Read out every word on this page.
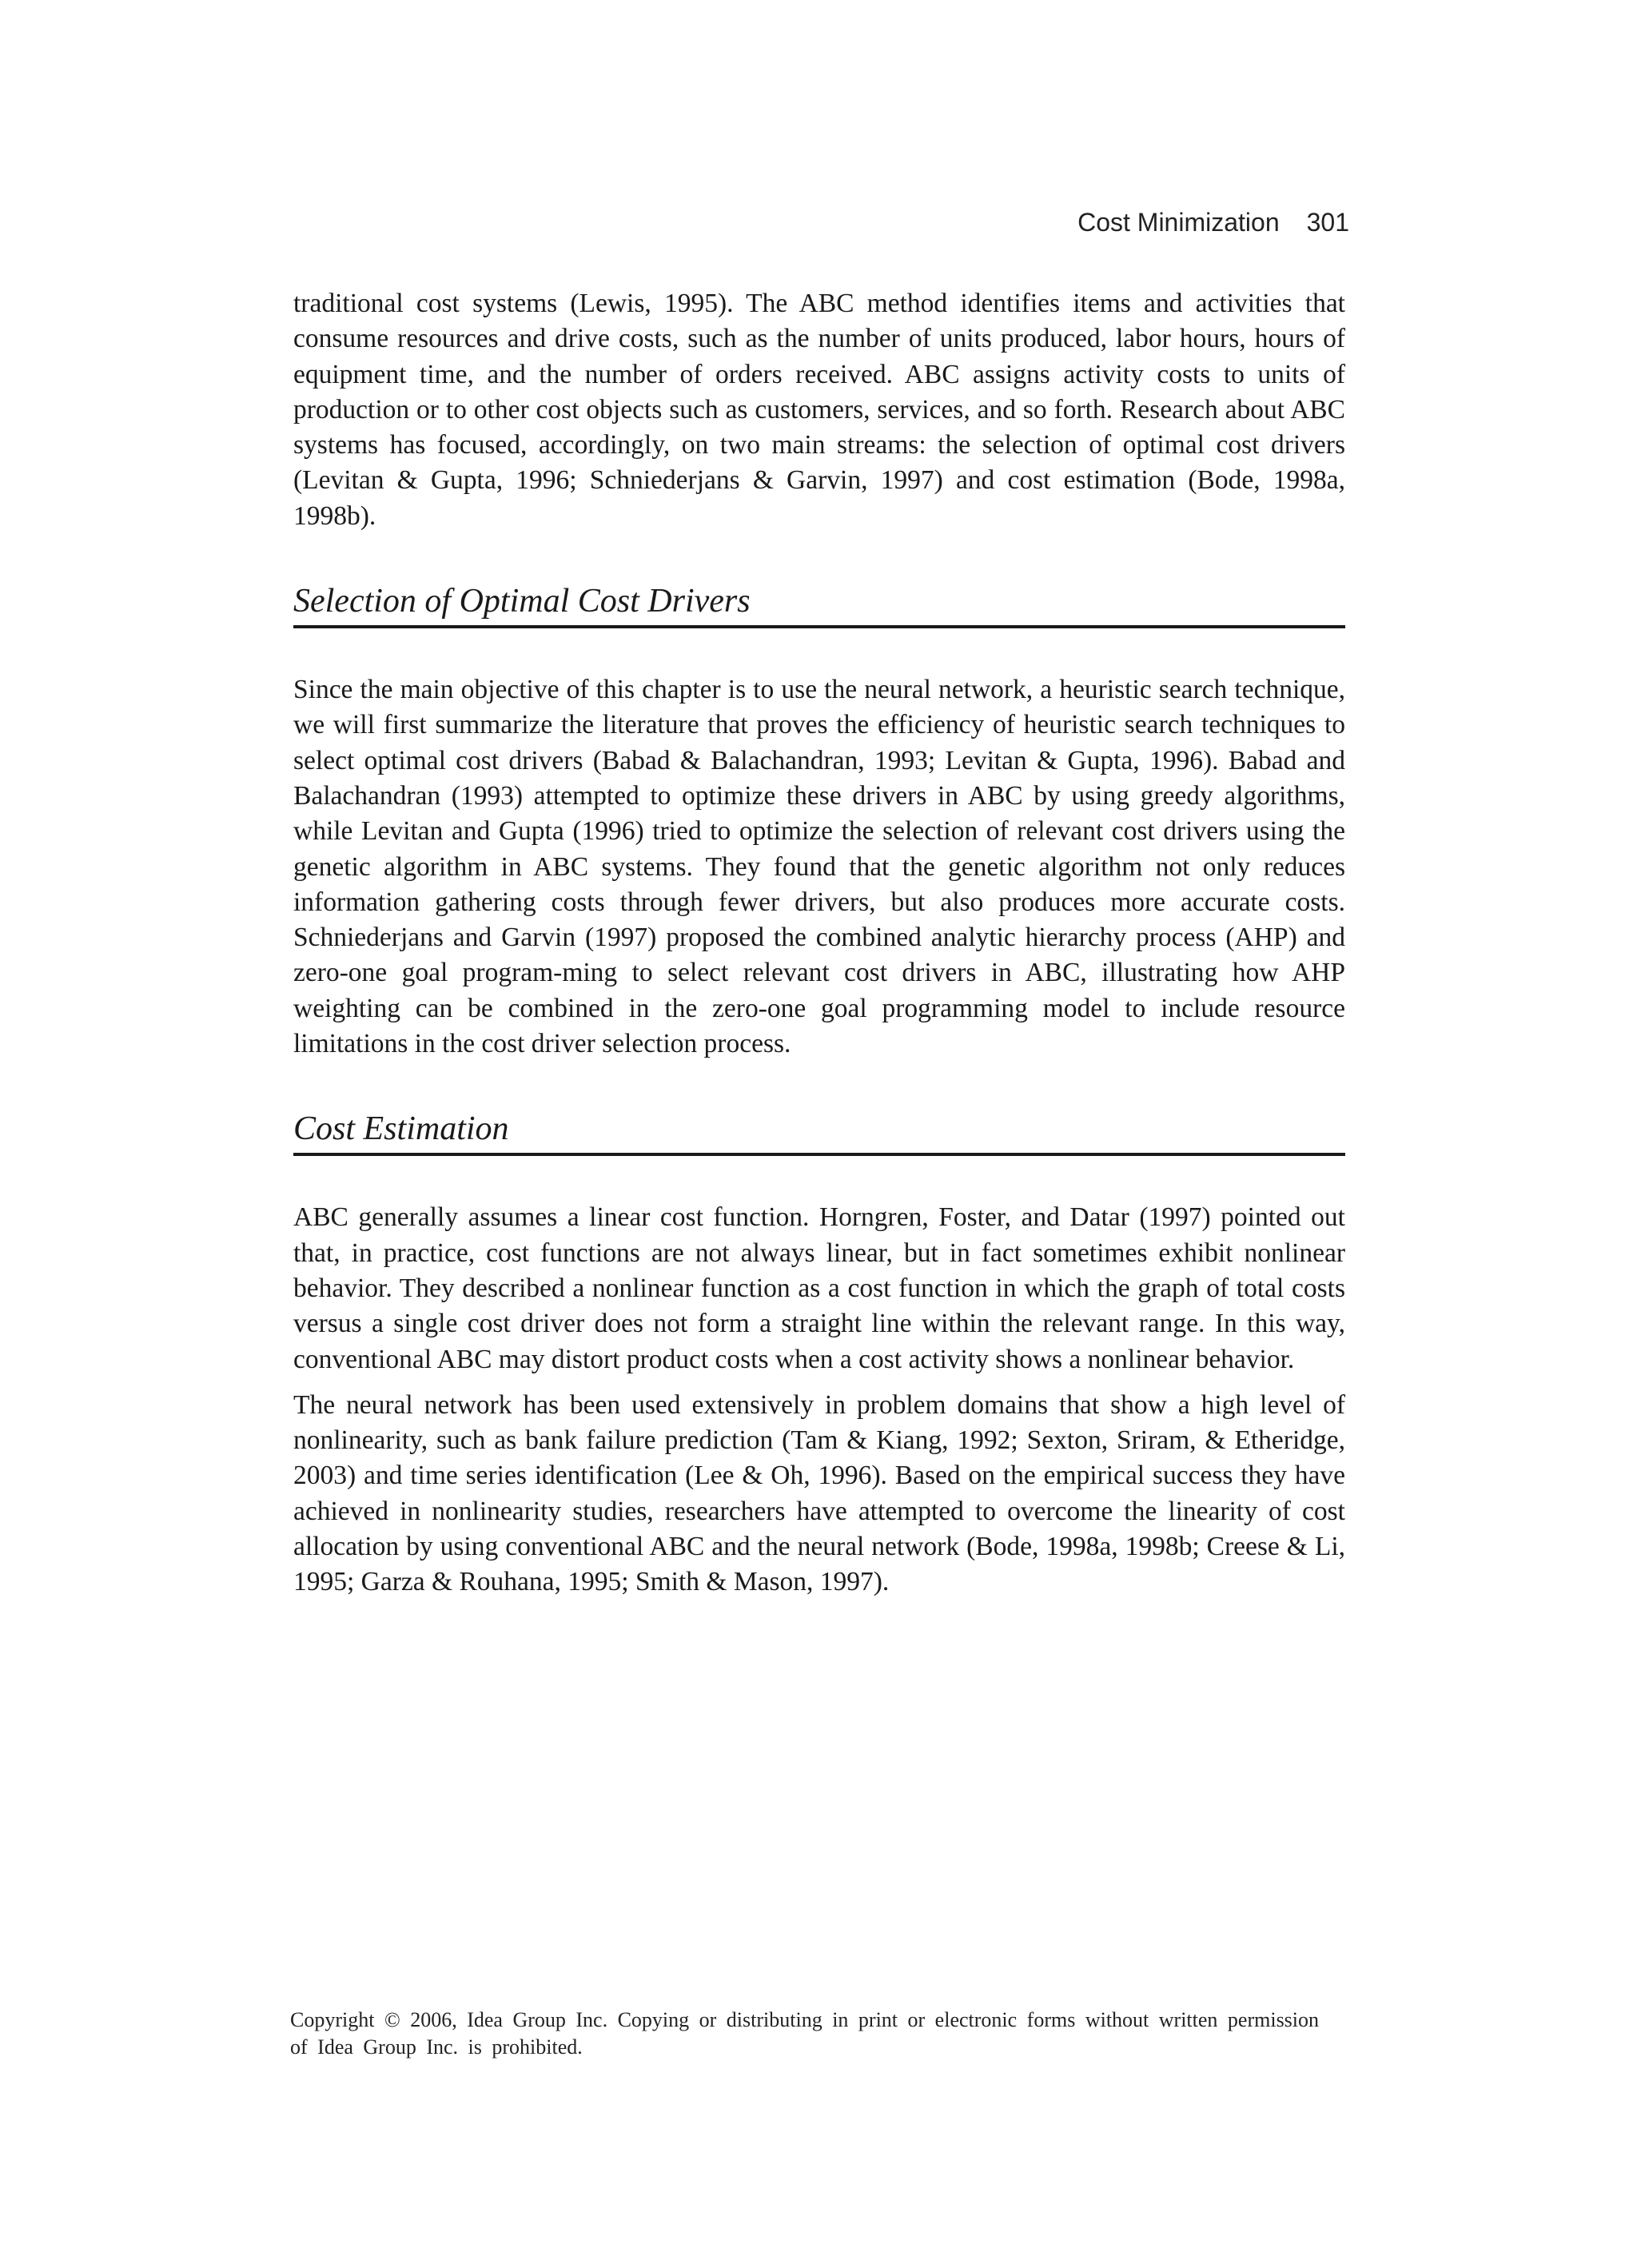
Cost Minimization 301

traditional cost systems (Lewis, 1995). The ABC method identifies items and activities that consume resources and drive costs, such as the number of units produced, labor hours, hours of equipment time, and the number of orders received. ABC assigns activity costs to units of production or to other cost objects such as customers, services, and so forth. Research about ABC systems has focused, accordingly, on two main streams: the selection of optimal cost drivers (Levitan & Gupta, 1996; Schniederjans & Garvin, 1997) and cost estimation (Bode, 1998a, 1998b).

Selection of Optimal Cost Drivers

Since the main objective of this chapter is to use the neural network, a heuristic search technique, we will first summarize the literature that proves the efficiency of heuristic search techniques to select optimal cost drivers (Babad & Balachandran, 1993; Levitan & Gupta, 1996). Babad and Balachandran (1993) attempted to optimize these drivers in ABC by using greedy algorithms, while Levitan and Gupta (1996) tried to optimize the selection of relevant cost drivers using the genetic algorithm in ABC systems. They found that the genetic algorithm not only reduces information gathering costs through fewer drivers, but also produces more accurate costs. Schniederjans and Garvin (1997) proposed the combined analytic hierarchy process (AHP) and zero-one goal program-ming to select relevant cost drivers in ABC, illustrating how AHP weighting can be combined in the zero-one goal programming model to include resource limitations in the cost driver selection process.

Cost Estimation

ABC generally assumes a linear cost function. Horngren, Foster, and Datar (1997) pointed out that, in practice, cost functions are not always linear, but in fact sometimes exhibit nonlinear behavior. They described a nonlinear function as a cost function in which the graph of total costs versus a single cost driver does not form a straight line within the relevant range. In this way, conventional ABC may distort product costs when a cost activity shows a nonlinear behavior.

The neural network has been used extensively in problem domains that show a high level of nonlinearity, such as bank failure prediction (Tam & Kiang, 1992; Sexton, Sriram, & Etheridge, 2003) and time series identification (Lee & Oh, 1996). Based on the empirical success they have achieved in nonlinearity studies, researchers have attempted to overcome the linearity of cost allocation by using conventional ABC and the neural network (Bode, 1998a, 1998b; Creese & Li, 1995; Garza & Rouhana, 1995; Smith & Mason, 1997).

Copyright © 2006, Idea Group Inc. Copying or distributing in print or electronic forms without written permission of Idea Group Inc. is prohibited.
